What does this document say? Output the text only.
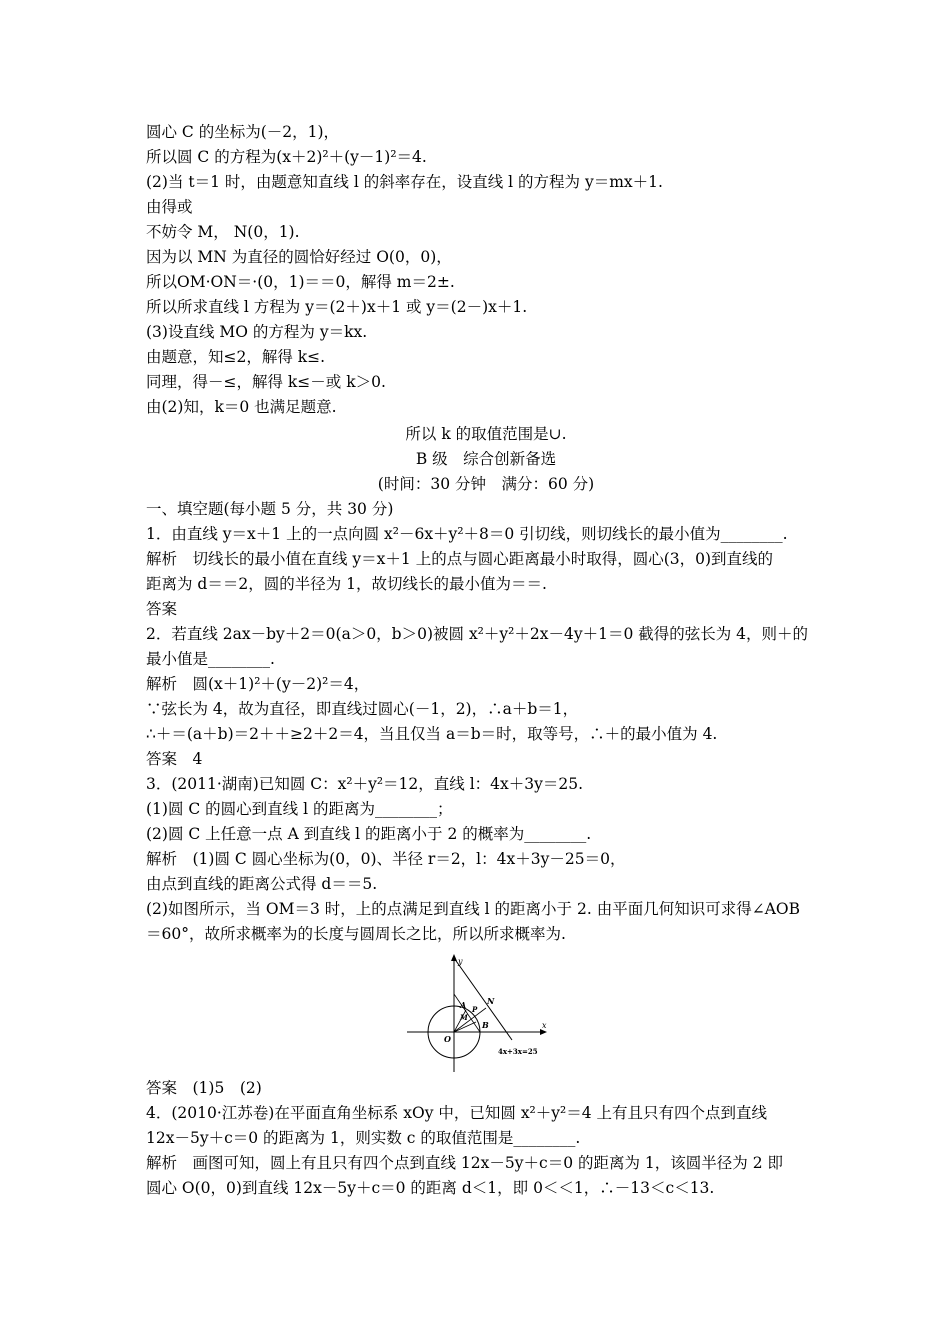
圆心 C 的坐标为(－2，1)，
所以圆 C 的方程为(x＋2)²＋(y－1)²＝4.
(2)当 t＝1 时，由题意知直线 l 的斜率存在，设直线 l 的方程为 y＝mx＋1.
由得或
不妨令 M， N(0，1).
因为以 MN 为直径的圆恰好经过 O(0，0)，
所以OM·ON＝·(0，1)＝＝0，解得 m＝2±.
所以所求直线 l 方程为 y＝(2＋)x＋1 或 y＝(2－)x＋1.
(3)设直线 MO 的方程为 y＝kx.
由题意，知≤2，解得 k≤.
同理，得－≤，解得 k≤－或 k＞0.
由(2)知，k＝0 也满足题意.
所以 k 的取值范围是∪.
B 级　综合创新备选
(时间：30 分钟　满分：60 分)
一、填空题(每小题 5 分，共 30 分)
1．由直线 y＝x＋1 上的一点向圆 x²－6x＋y²＋8＝0 引切线，则切线长的最小值为________.
解析　切线长的最小值在直线 y＝x＋1 上的点与圆心距离最小时取得，圆心(3，0)到直线的
距离为 d＝＝2，圆的半径为 1，故切线长的最小值为＝＝.
答案
2．若直线 2ax－by＋2＝0(a＞0，b＞0)被圆 x²＋y²＋2x－4y＋1＝0 截得的弦长为 4，则＋的
最小值是________.
解析　圆(x＋1)²＋(y－2)²＝4，
∵弦长为 4，故为直径，即直线过圆心(－1，2)，∴a＋b＝1，
∴＋＝(a＋b)＝2＋＋≥2＋2＝4，当且仅当 a＝b＝时，取等号，∴＋的最小值为 4.
答案　4
3．(2011·湖南)已知圆 C：x²＋y²＝12，直线 l：4x＋3y＝25.
(1)圆 C 的圆心到直线 l 的距离为________；
(2)圆 C 上任意一点 A 到直线 l 的距离小于 2 的概率为________.
解析　(1)圆 C 圆心坐标为(0，0)、半径 r＝2，l：4x＋3y－25＝0，
由点到直线的距离公式得 d＝＝5.
(2)如图所示，当 OM＝3 时，上的点满足到直线 l 的距离小于 2. 由平面几何知识可求得∠AOB
＝60°，故所求概率为的长度与圆周长之比，所以所求概率为.
y
x
O
A
B
M
P
N
4x+3x=25
答案　(1)5　(2)
4．(2010·江苏卷)在平面直角坐标系 xOy 中，已知圆 x²＋y²＝4 上有且只有四个点到直线
12x－5y＋c＝0 的距离为 1，则实数 c 的取值范围是________.
解析　画图可知，圆上有且只有四个点到直线 12x－5y＋c＝0 的距离为 1，该圆半径为 2 即
圆心 O(0，0)到直线 12x－5y＋c＝0 的距离 d＜1，即 0＜＜1，∴－13＜c＜13.
